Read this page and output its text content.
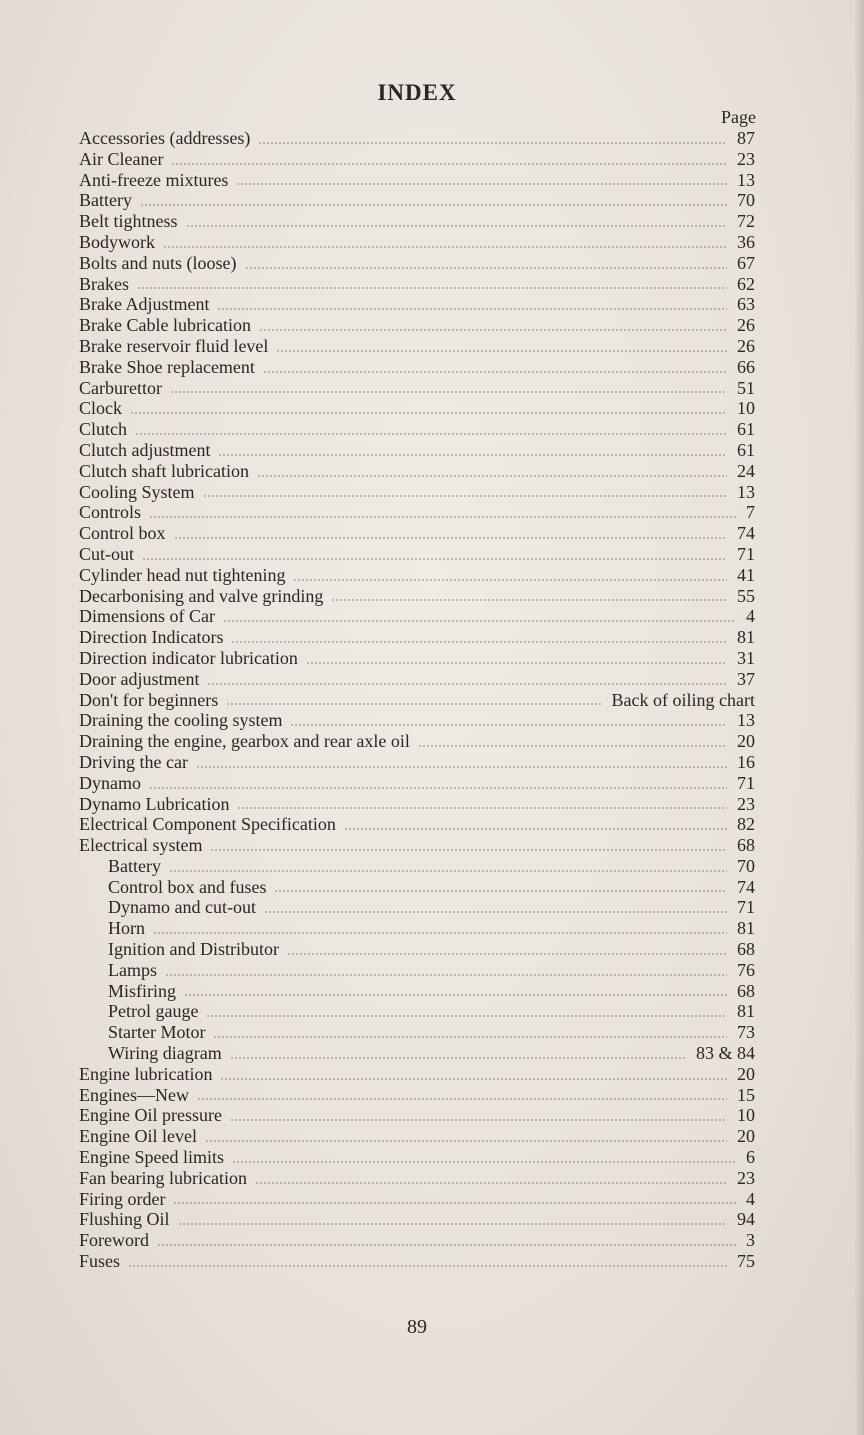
INDEX
Page
Accessories (addresses)	87
Air Cleaner	23
Anti-freeze mixtures	13
Battery	70
Belt tightness	72
Bodywork	36
Bolts and nuts (loose)	67
Brakes	62
Brake Adjustment	63
Brake Cable lubrication	26
Brake reservoir fluid level	26
Brake Shoe replacement	66
Carburettor	51
Clock	10
Clutch	61
Clutch adjustment	61
Clutch shaft lubrication	24
Cooling System	13
Controls	7
Control box	74
Cut-out	71
Cylinder head nut tightening	41
Decarbonising and valve grinding	55
Dimensions of Car	4
Direction Indicators	81
Direction indicator lubrication	31
Door adjustment	37
Don't for beginners	Back of oiling chart
Draining the cooling system	13
Draining the engine, gearbox and rear axle oil	20
Driving the car	16
Dynamo	71
Dynamo Lubrication	23
Electrical Component Specification	82
Electrical system	68
Battery	70
Control box and fuses	74
Dynamo and cut-out	71
Horn	81
Ignition and Distributor	68
Lamps	76
Misfiring	68
Petrol gauge	81
Starter Motor	73
Wiring diagram	83 & 84
Engine lubrication	20
Engines—New	15
Engine Oil pressure	10
Engine Oil level	20
Engine Speed limits	6
Fan bearing lubrication	23
Firing order	4
Flushing Oil	94
Foreword	3
Fuses	75
89
